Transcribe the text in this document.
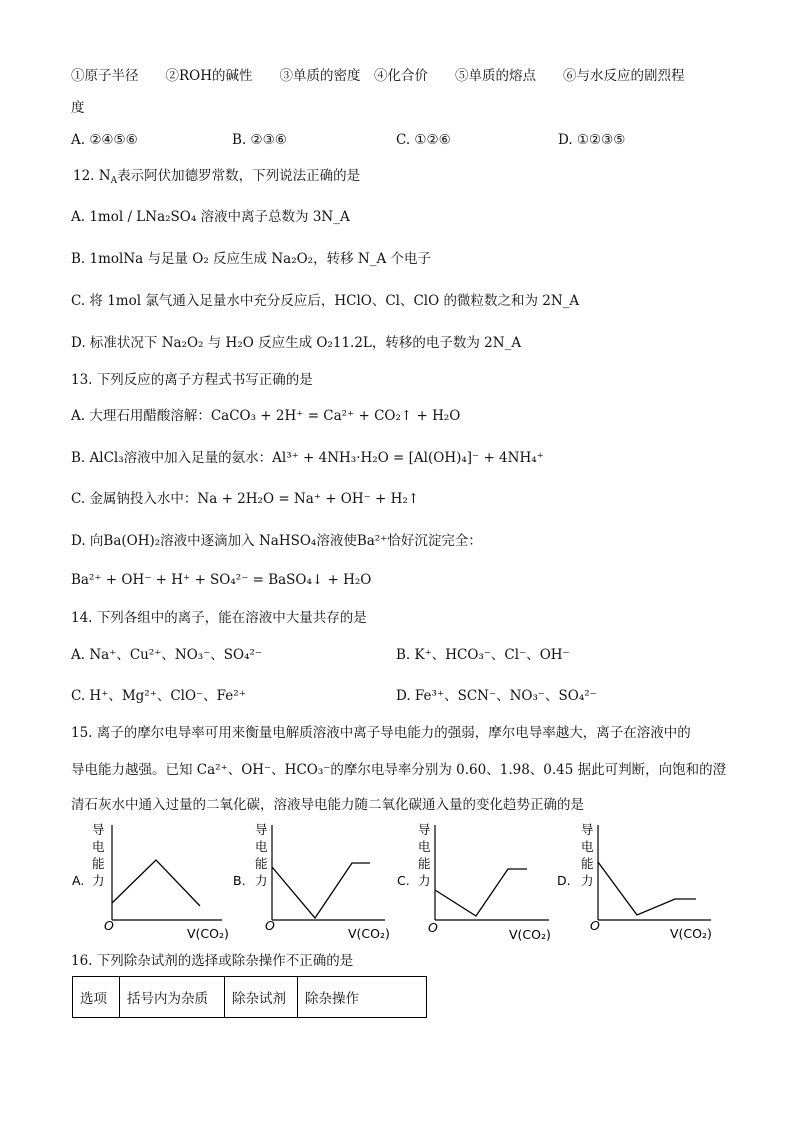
①原子半径　　②ROH的碱性　　③单质的密度　④化合价　　⑤单质的熔点　　⑥与水反应的剧烈程
度
A. ②④⑤⑥	B. ②③⑥	C. ①②⑥	D. ①②③⑤
12. $N_A$表示阿伏加德罗常数，下列说法正确的是
A. 1mol / LNa₂SO₄ 溶液中离子总数为 3N_A
B. 1molNa 与足量 O₂ 反应生成 Na₂O₂，转移 N_A 个电子
C. 将 1mol 氯气通入足量水中充分反应后，HClO、Cl、ClO 的微粒数之和为 2N_A
D. 标准状况下 Na₂O₂ 与 H₂O 反应生成 O₂11.2L，转移的电子数为 2N_A
13. 下列反应的离子方程式书写正确的是
A. 大理石用醋酸溶解：CaCO₃ + 2H⁺ = Ca²⁺ + CO₂↑ + H₂O
B. AlCl₃溶液中加入足量的氨水：Al³⁺ + 4NH₃·H₂O = [Al(OH)₄]⁻ + 4NH₄⁺
C. 金属钠投入水中：Na + 2H₂O = Na⁺ + OH⁻ + H₂↑
D. 向Ba(OH)₂溶液中逐滴加入 NaHSO₄溶液使Ba²⁺恰好沉淀完全：
Ba²⁺ + OH⁻ + H⁺ + SO₄²⁻ = BaSO₄↓ + H₂O
14. 下列各组中的离子，能在溶液中大量共存的是
A. Na⁺、Cu²⁺、NO₃⁻、SO₄²⁻	B. K⁺、HCO₃⁻、Cl⁻、OH⁻
C. H⁺、Mg²⁺、ClO⁻、Fe²⁺	D. Fe³⁺、SCN⁻、NO₃⁻、SO₄²⁻
15. 离子的摩尔电导率可用来衡量电解质溶液中离子导电能力的强弱，摩尔电导率越大，离子在溶液中的
导电能力越强。已知 Ca²⁺、OH⁻、HCO₃⁻的摩尔电导率分别为 0.60、1.98、0.45 据此可判断，向饱和的澄
清石灰水中通入过量的二氧化碳，溶液导电能力随二氧化碳通入量的变化趋势正确的是
A.
导
电
能
力
O
V(CO₂)
B.
导
电
能
力
O
V(CO₂)
C.
导
电
能
力
O	V(CO₂)
D.
导
电
能
力
O
V(CO₂)
16. 下列除杂试剂的选择或除杂操作不正确的是
选项	括号内为杂质	除杂试剂	除杂操作
